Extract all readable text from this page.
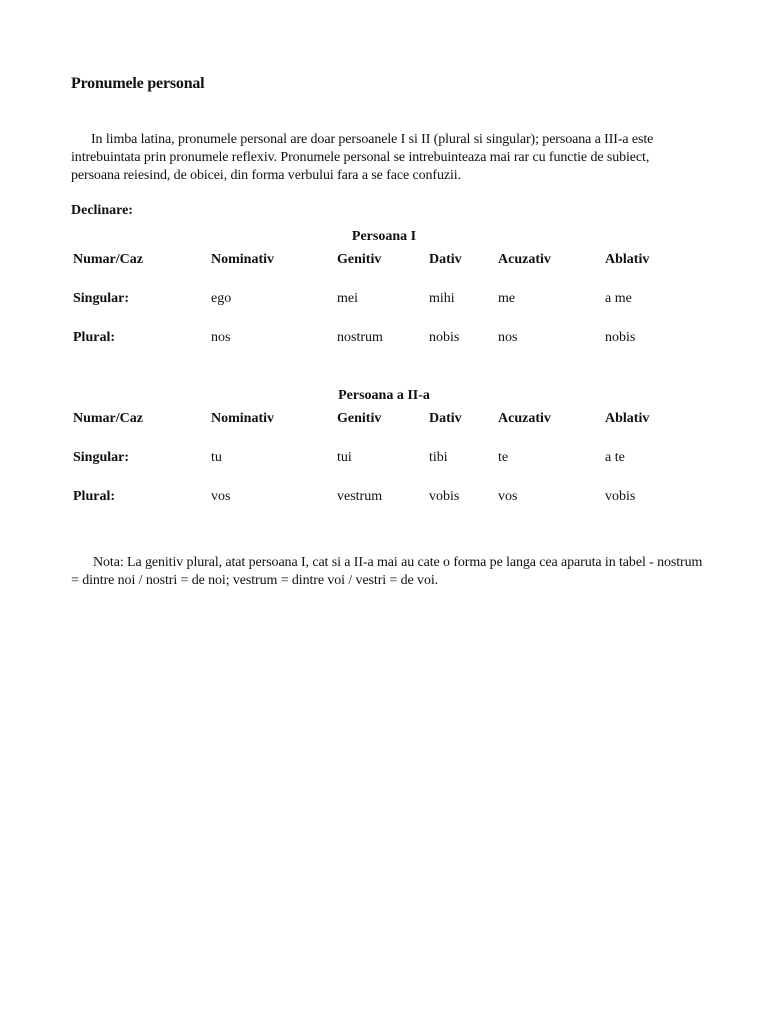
Pronumele personal
In limba latina, pronumele personal are doar persoanele I si II (plural si singular); persoana a III-a este intrebuintata prin pronumele reflexiv. Pronumele personal se intrebuinteaza mai rar cu functie de subiect, persoana reiesind, de obicei, din forma verbului fara a se face confuzii.
Declinare:
Persoana I
Numar/Caz	Nominativ	Genitiv	Dativ	Acuzativ	Ablativ
Singular:	ego	mei	mihi	me	a me
Plural:	nos	nostrum	nobis	nos	nobis
Persoana a II-a
Numar/Caz	Nominativ	Genitiv	Dativ	Acuzativ	Ablativ
Singular:	tu	tui	tibi	te	a te
Plural:	vos	vestrum	vobis	vos	vobis
Nota: La genitiv plural, atat persoana I, cat si a II-a mai au cate o forma pe langa cea aparuta in tabel - nostrum = dintre noi / nostri = de noi; vestrum = dintre voi / vestri = de voi.
